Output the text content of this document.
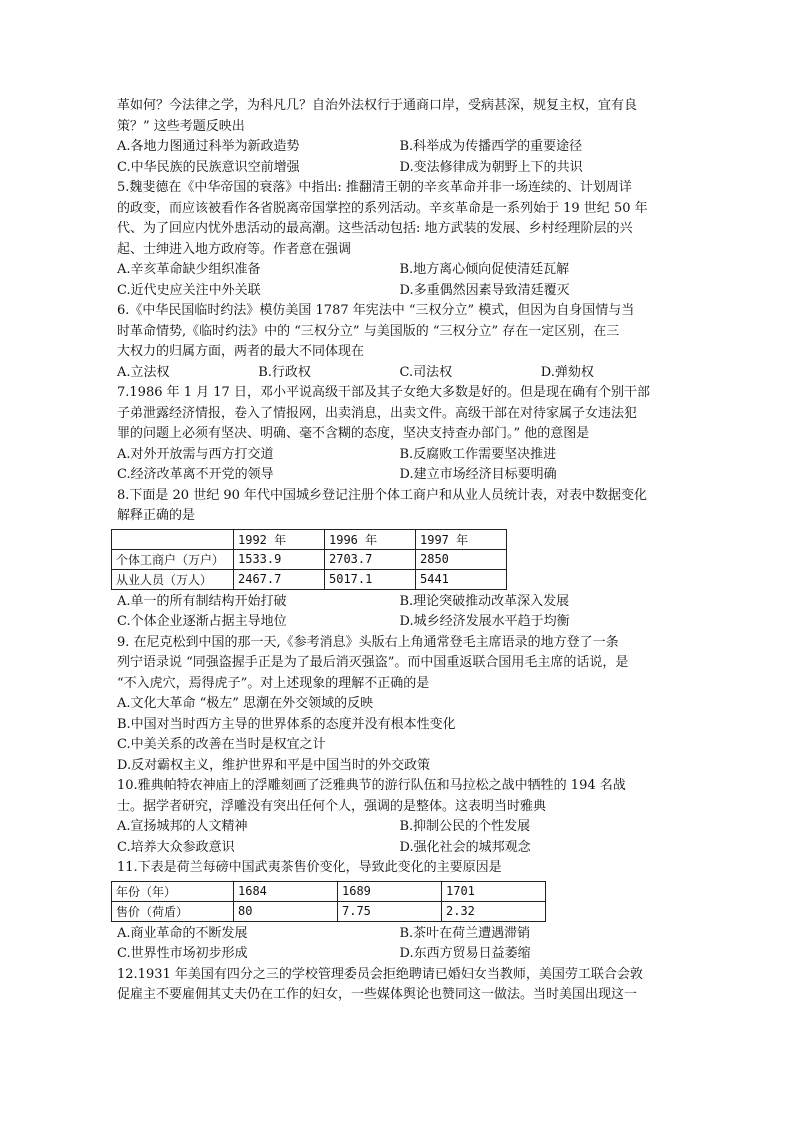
革如何？今法律之学，为科凡几？自治外法权行于通商口岸，受病甚深，规复主权，宜有良

策？” 这些考题反映出

A.各地力图通过科举为新政造势	B.科举成为传播西学的重要途径
C.中华民族的民族意识空前增强	D.变法修律成为朝野上下的共识

5.魏斐德在《中华帝国的衰落》中指出: 推翻清王朝的辛亥革命并非一场连续的、计划周详

的政变，而应该被看作各省脱离帝国掌控的系列活动。辛亥革命是一系列始于 19 世纪 50 年

代、为了回应内忧外患活动的最高潮。这些活动包括: 地方武装的发展、乡村经理阶层的兴

起、士绅进入地方政府等。作者意在强调

A.辛亥革命缺少组织准备	B.地方离心倾向促使清廷瓦解
C.近代史应关注中外关联	D.多重偶然因素导致清廷覆灭

6.《中华民国临时约法》模仿美国 1787 年宪法中 “三权分立” 模式，但因为自身国情与当

时革命情势,《临时约法》中的 “三权分立” 与美国版的 “三权分立” 存在一定区别，在三

大权力的归属方面，两者的最大不同体现在

A.立法权	B.行政权	C.司法权	D.弹劾权

7.1986 年 1 月 17 日，邓小平说高级干部及其子女绝大多数是好的。但是现在确有个别干部

子弟泄露经济情报，卷入了情报网，出卖消息，出卖文件。高级干部在对待家属子女违法犯

罪的问题上必须有坚决、明确、毫不含糊的态度，坚决支持查办部门。” 他的意图是

A.对外开放需与西方打交道	B.反腐败工作需要坚决推进
C.经济改革离不开党的领导	D.建立市场经济目标要明确

8.下面是 20 世纪 90 年代中国城乡登记注册个体工商户和从业人员统计表，对表中数据变化

解释正确的是

	1992 年	1996 年	1997 年
个体工商户（万户）	1533.9	2703.7	2850
从业人员（万人）	2467.7	5017.1	5441
A.单一的所有制结构开始打破	B.理论突破推动改革深入发展
C.个体企业逐渐占据主导地位	D.城乡经济发展水平趋于均衡

9. 在尼克松到中国的那一天,《参考消息》头版右上角通常登毛主席语录的地方登了一条

列宁语录说 “同强盗握手正是为了最后消灭强盗”。而中国重返联合国用毛主席的话说，是

“不入虎穴，焉得虎子”。对上述现象的理解不正确的是

A.文化大革命 “极左” 思潮在外交领域的反映

B.中国对当时西方主导的世界体系的态度并没有根本性变化

C.中美关系的改善在当时是权宜之计

D.反对霸权主义，维护世界和平是中国当时的外交政策

10.雅典帕特农神庙上的浮雕刻画了泛雅典节的游行队伍和马拉松之战中牺牲的 194 名战

士。据学者研究，浮雕没有突出任何个人，强调的是整体。这表明当时雅典

A.宣扬城邦的人文精神	B.抑制公民的个性发展
C.培养大众参政意识	D.强化社会的城邦观念

11.下表是荷兰每磅中国武夷茶售价变化，导致此变化的主要原因是

年份（年）	1684	1689	1701
售价（荷盾）	80	7.75	2.32
A.商业革命的不断发展	B.茶叶在荷兰遭遇滞销
C.世界性市场初步形成	D.东西方贸易日益萎缩

12.1931 年美国有四分之三的学校管理委员会拒绝聘请已婚妇女当教师，美国劳工联合会敦

促雇主不要雇佣其丈夫仍在工作的妇女，一些媒体舆论也赞同这一做法。当时美国出现这一
